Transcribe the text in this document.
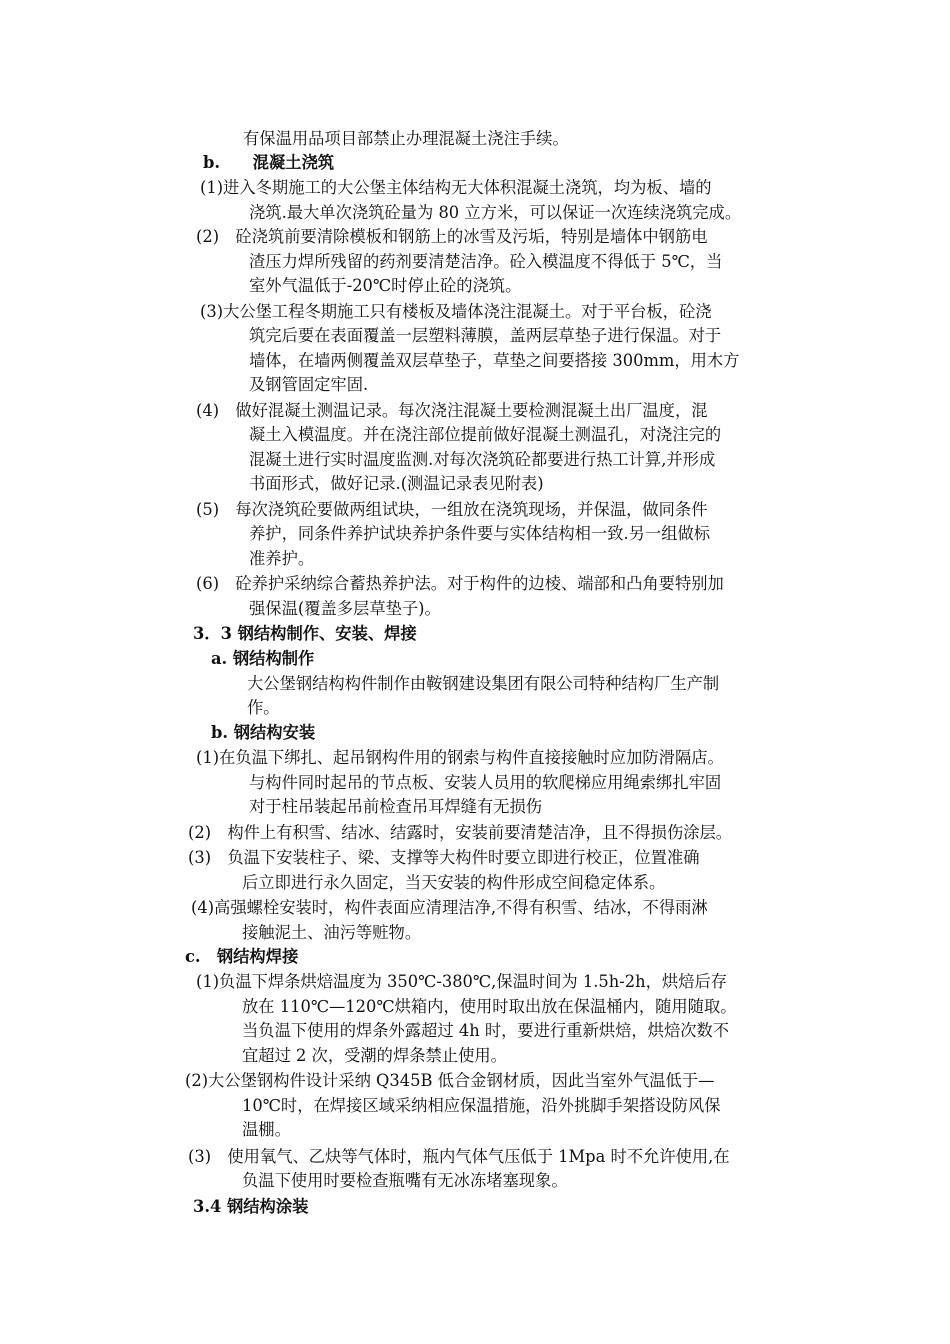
有保温用品项目部禁止办理混凝土浇注手续。
b.　　混凝土浇筑
(1)进入冬期施工的大公堡主体结构无大体积混凝土浇筑，均为板、墙的
浇筑.最大单次浇筑砼量为 80 立方米，可以保证一次连续浇筑完成。
(2)　砼浇筑前要清除模板和钢筋上的冰雪及污垢，特别是墙体中钢筋电
渣压力焊所残留的药剂要清楚洁净。砼入模温度不得低于 5℃，当
室外气温低于-20℃时停止砼的浇筑。
(3)大公堡工程冬期施工只有楼板及墙体浇注混凝土。对于平台板，砼浇
筑完后要在表面覆盖一层塑料薄膜，盖两层草垫子进行保温。对于
墙体，在墙两侧覆盖双层草垫子，草垫之间要搭接 300mm，用木方
及钢管固定牢固.
(4)　做好混凝土测温记录。每次浇注混凝土要检测混凝土出厂温度，混
凝土入模温度。并在浇注部位提前做好混凝土测温孔，对浇注完的
混凝土进行实时温度监测.对每次浇筑砼都要进行热工计算,并形成
书面形式，做好记录.(测温记录表见附表)
(5)　每次浇筑砼要做两组试块，一组放在浇筑现场，并保温，做同条件
养护，同条件养护试块养护条件要与实体结构相一致.另一组做标
准养护。
(6)　砼养护采纳综合蓄热养护法。对于构件的边棱、端部和凸角要特别加
强保温(覆盖多层草垫子)。
3．3 钢结构制作、安装、焊接
a. 钢结构制作
大公堡钢结构构件制作由鞍钢建设集团有限公司特种结构厂生产制
作。
b. 钢结构安装
(1)在负温下绑扎、起吊钢构件用的钢索与构件直接接触时应加防滑隔店。
与构件同时起吊的节点板、安装人员用的软爬梯应用绳索绑扎牢固
对于柱吊装起吊前检查吊耳焊缝有无损伤
(2)　构件上有积雪、结冰、结露时，安装前要清楚洁净，且不得损伤涂层。
(3)　负温下安装柱子、梁、支撑等大构件时要立即进行校正，位置准确
后立即进行永久固定，当天安装的构件形成空间稳定体系。
(4)高强螺栓安装时，构件表面应清理洁净,不得有积雪、结冰，不得雨淋
接触泥土、油污等赃物。
c.　钢结构焊接
(1)负温下焊条烘焙温度为 350℃-380℃,保温时间为 1.5h-2h，烘焙后存
放在 110℃—120℃烘箱内，使用时取出放在保温桶内，随用随取。
当负温下使用的焊条外露超过 4h 时，要进行重新烘焙，烘焙次数不
宜超过 2 次，受潮的焊条禁止使用。
(2)大公堡钢构件设计采纳 Q345B 低合金钢材质，因此当室外气温低于—
10℃时，在焊接区域采纳相应保温措施，沿外挑脚手架搭设防风保
温棚。
(3)　使用氧气、乙炔等气体时，瓶内气体气压低于 1Mpa 时不允许使用,在
负温下使用时要检查瓶嘴有无冰冻堵塞现象。
3.4 钢结构涂装
